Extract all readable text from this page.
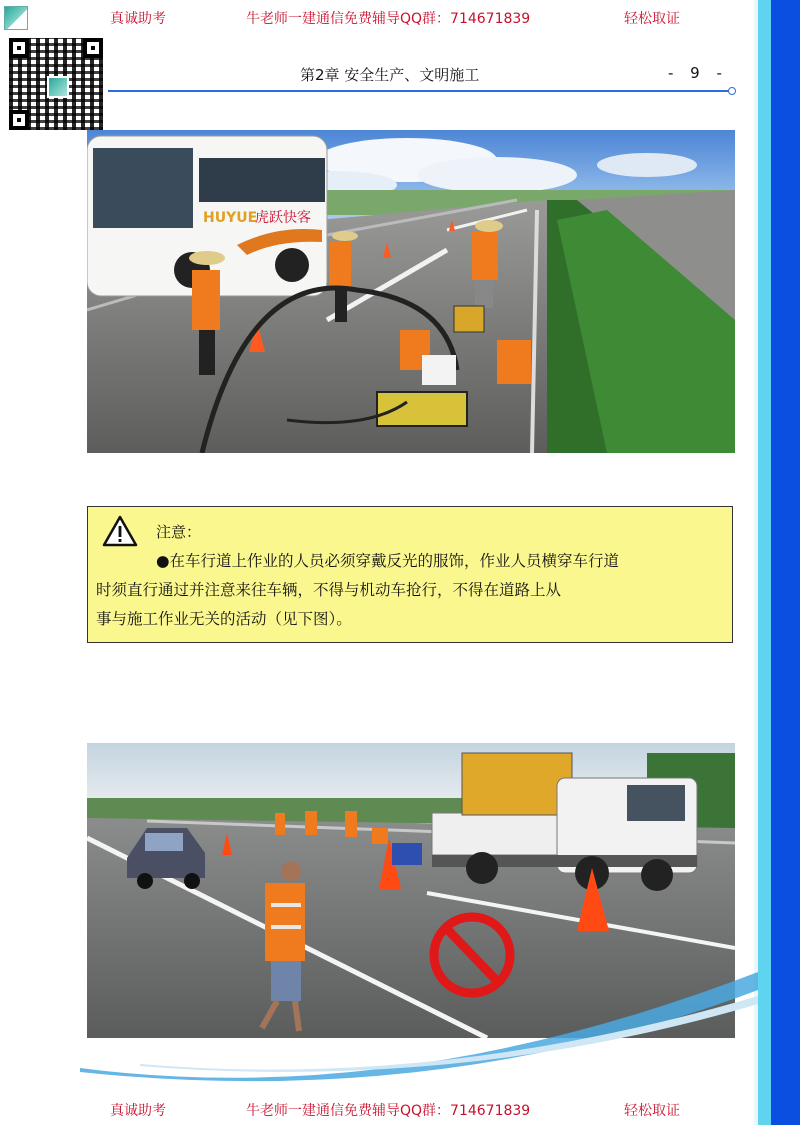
真诚助考	牛老师一建通信免费辅导QQ群：714671839	轻松取证
第2章 安全生产、文明施工	- 9 -
HUYUE
虎跃快客
注意：
●在车行道上作业的人员必须穿戴反光的服饰，作业人员横穿车行道
时须直行通过并注意来往车辆，不得与机动车抢行，不得在道路上从
事与施工作业无关的活动（见下图）。
真诚助考	牛老师一建通信免费辅导QQ群：714671839	轻松取证
